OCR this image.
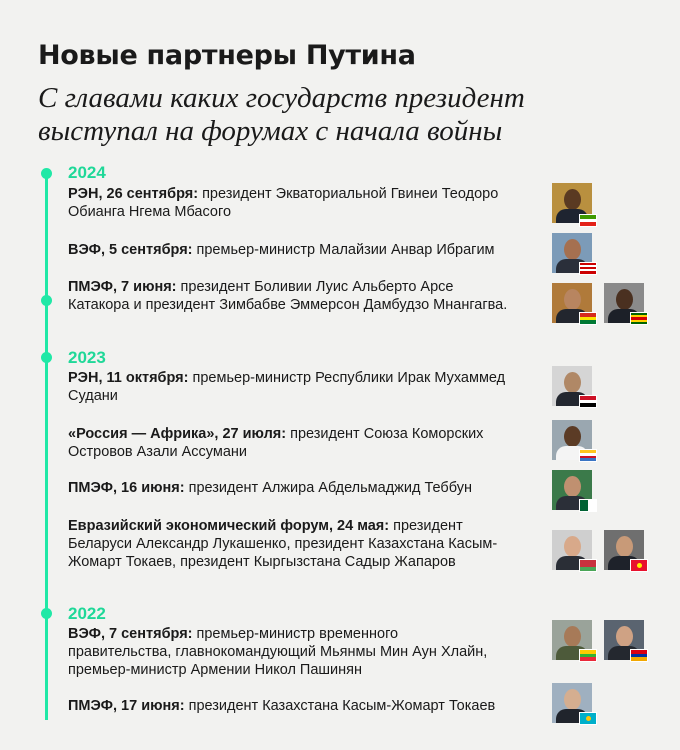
Новые партнеры Путина
С главами каких государств президент выступал на форумах с начала войны
2024
2023
2022
РЭН, 26 сентября: президент Экваториальной Гвинеи Теодоро Обианга Нгема Мбасого
ВЭФ, 5 сентября: премьер-министр Малайзии Анвар Ибрагим
ПМЭФ, 7 июня: президент Боливии Луис Альберто Арсе Катакора и президент Зимбабве Эммерсон Дамбудзо Мнангагва.
РЭН, 11 октября: премьер-министр Республики Ирак Мухаммед Судани
«Россия — Африка», 27 июля: президент Союза Коморских Островов Азали Ассумани
ПМЭФ, 16 июня: президент Алжира Абдельмаджид Теббун
Евразийский экономический форум, 24 мая: президент Беларуси Александр Лукашенко, президент Казахстана Касым-Жомарт Токаев, президент Кыргызстана Садыр Жапаров
ВЭФ, 7 сентября: премьер-министр временного правительства, главнокомандующий Мьянмы Мин Аун Хлайн, премьер-министр Армении Никол Пашинян
ПМЭФ, 17 июня: президент Казахстана Касым-Жомарт Токаев
